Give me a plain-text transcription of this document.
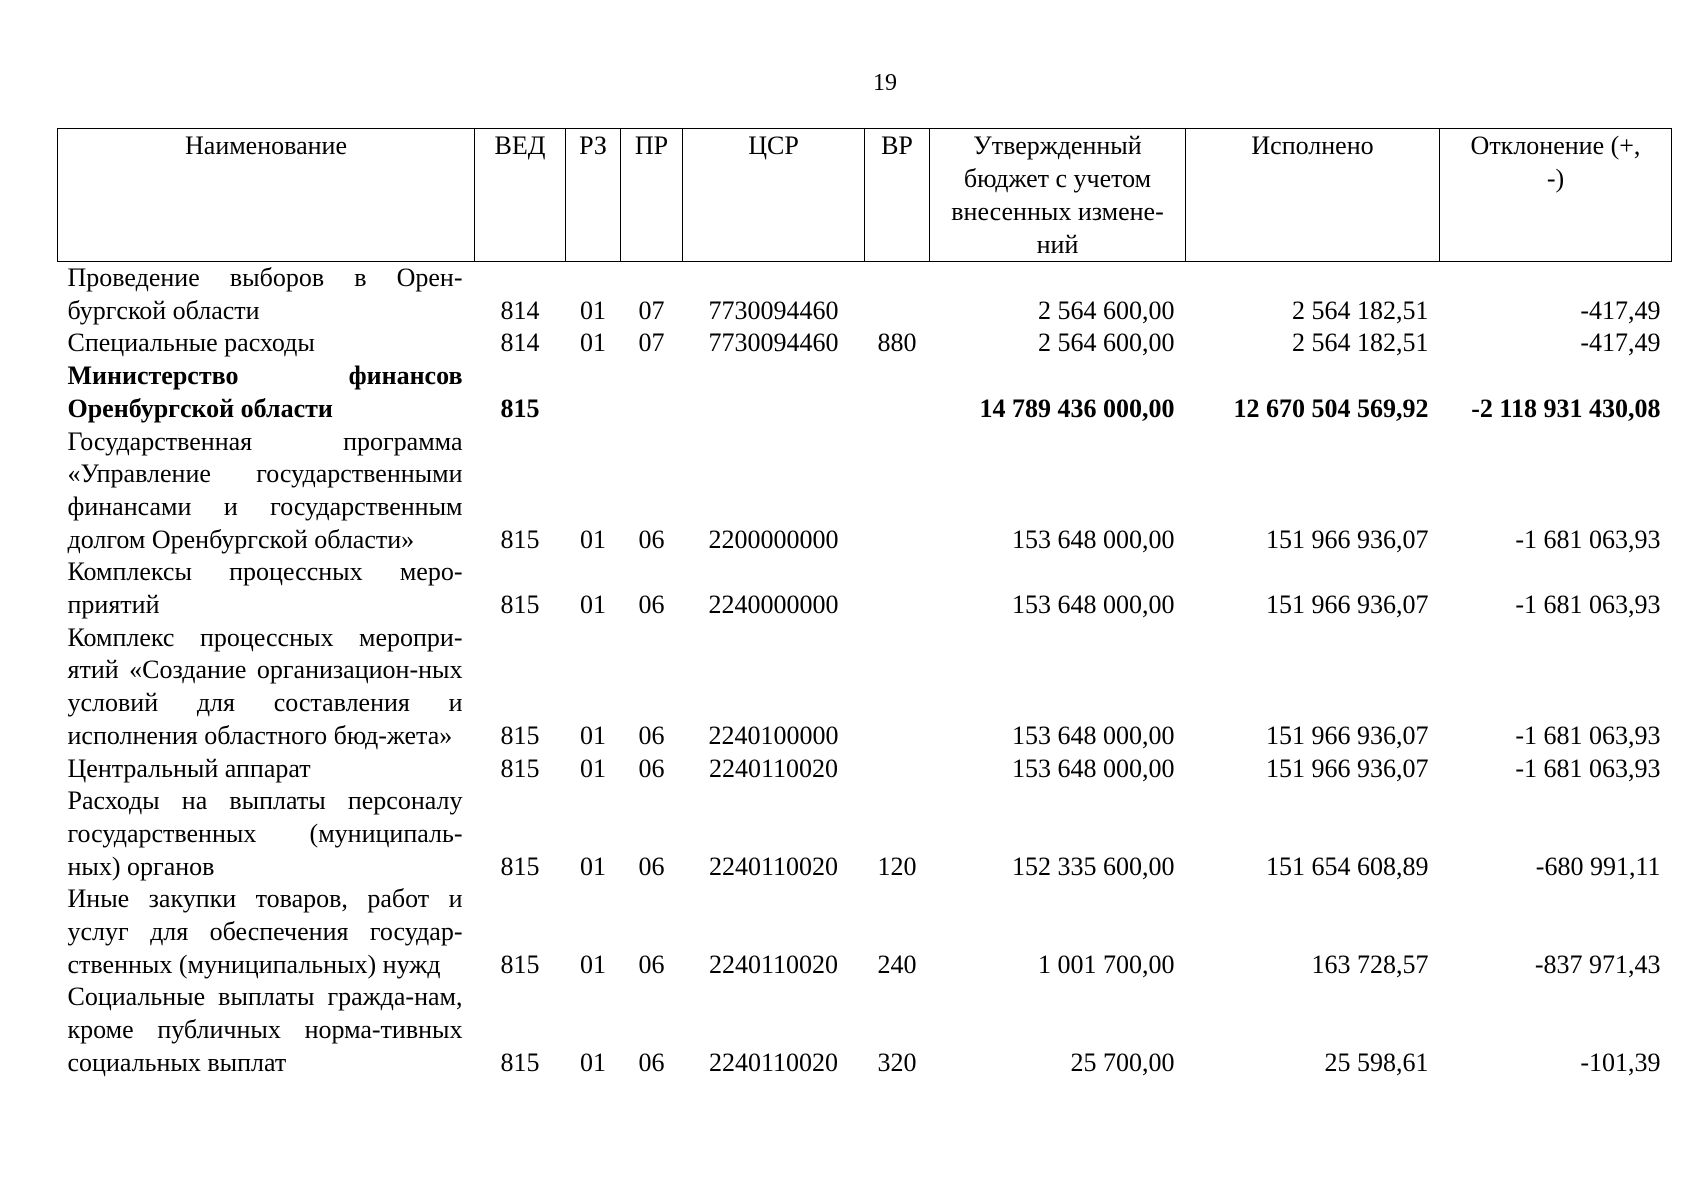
19
Наименование	ВЕД	РЗ	ПР	ЦСР	ВР	Утвержденный бюджет с учетом внесенных измене-ний	Исполнено	Отклонение (+, -)
Проведение выборов в Орен-бургской области	814	01	07	7730094460		2 564 600,00	2 564 182,51	-417,49
Специальные расходы	814	01	07	7730094460	880	2 564 600,00	2 564 182,51	-417,49
Министерство финансов Оренбургской области	815					14 789 436 000,00	12 670 504 569,92	-2 118 931 430,08
Государственная программа «Управление государственными финансами и государственным долгом Оренбургской области»	815	01	06	2200000000		153 648 000,00	151 966 936,07	-1 681 063,93
Комплексы процессных меро-приятий	815	01	06	2240000000		153 648 000,00	151 966 936,07	-1 681 063,93
Комплекс процессных меропри-ятий «Создание организацион-ных условий для составления и исполнения областного бюд-жета»	815	01	06	2240100000		153 648 000,00	151 966 936,07	-1 681 063,93
Центральный аппарат	815	01	06	2240110020		153 648 000,00	151 966 936,07	-1 681 063,93
Расходы на выплаты персоналу государственных (муниципаль-ных) органов	815	01	06	2240110020	120	152 335 600,00	151 654 608,89	-680 991,11
Иные закупки товаров, работ и услуг для обеспечения государ-ственных (муниципальных) нужд	815	01	06	2240110020	240	1 001 700,00	163 728,57	-837 971,43
Социальные выплаты гражда-нам, кроме публичных норма-тивных социальных выплат	815	01	06	2240110020	320	25 700,00	25 598,61	-101,39
